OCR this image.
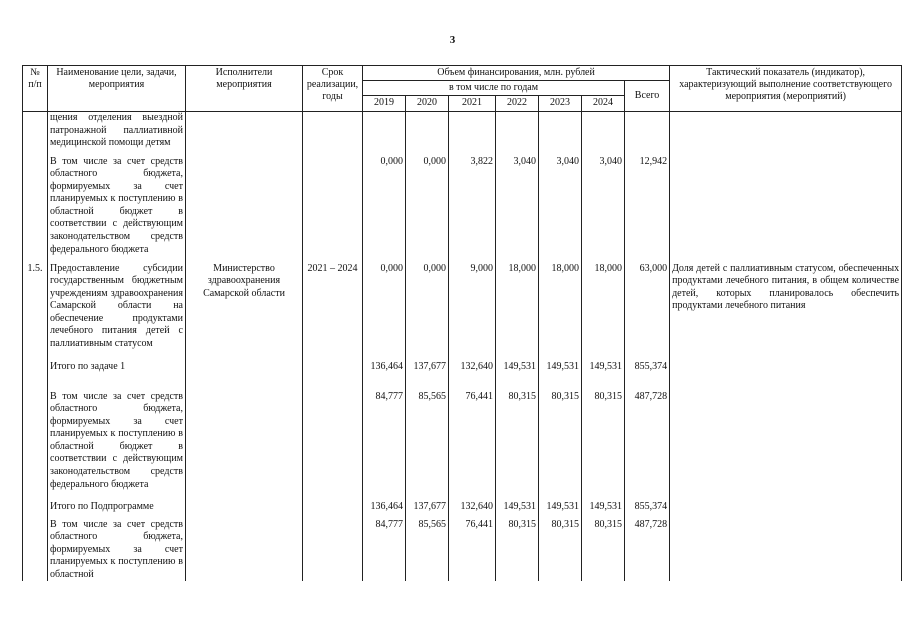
3
№ п/п	Наименование цели, задачи, мероприятия	Исполнители мероприятия	Срок реализации, годы	Объем финансирования, млн. рублей							Тактический показатель (индикатор), характеризующий выполнение соответствующего мероприятия (мероприятий)
				в том числе по годам						Всего	
				2019	2020	2021	2022	2023	2024		
	щения отделения выездной патронажной паллиативной медицинской помощи детям										
	В том числе за счет средств областного бюджета, формируемых за счет планируемых к поступлению в областной бюджет в соответствии с действующим законодательством средств федерального бюджета			0,000	0,000	3,822	3,040	3,040	3,040	12,942	
1.5.	Предоставление субсидии государственным бюджетным учреждениям здравоохранения Самарской области на обеспечение продуктами лечебного питания детей с паллиативным статусом	Министерство здравоохранения Самарской области	2021 – 2024	0,000	0,000	9,000	18,000	18,000	18,000	63,000	Доля детей с паллиативным статусом, обеспеченных продуктами лечебного питания, в общем количестве детей, которых планировалось обеспечить продуктами лечебного питания
	Итого по задаче 1			136,464	137,677	132,640	149,531	149,531	149,531	855,374	
	В том числе за счет средств областного бюджета, формируемых за счет планируемых к поступлению в областной бюджет в соответствии с действующим законодательством средств федерального бюджета			84,777	85,565	76,441	80,315	80,315	80,315	487,728	
	Итого по Подпрограмме			136,464	137,677	132,640	149,531	149,531	149,531	855,374	
	В том числе за счет средств областного бюджета, формируемых за счет планируемых к поступлению в областной			84,777	85,565	76,441	80,315	80,315	80,315	487,728	
